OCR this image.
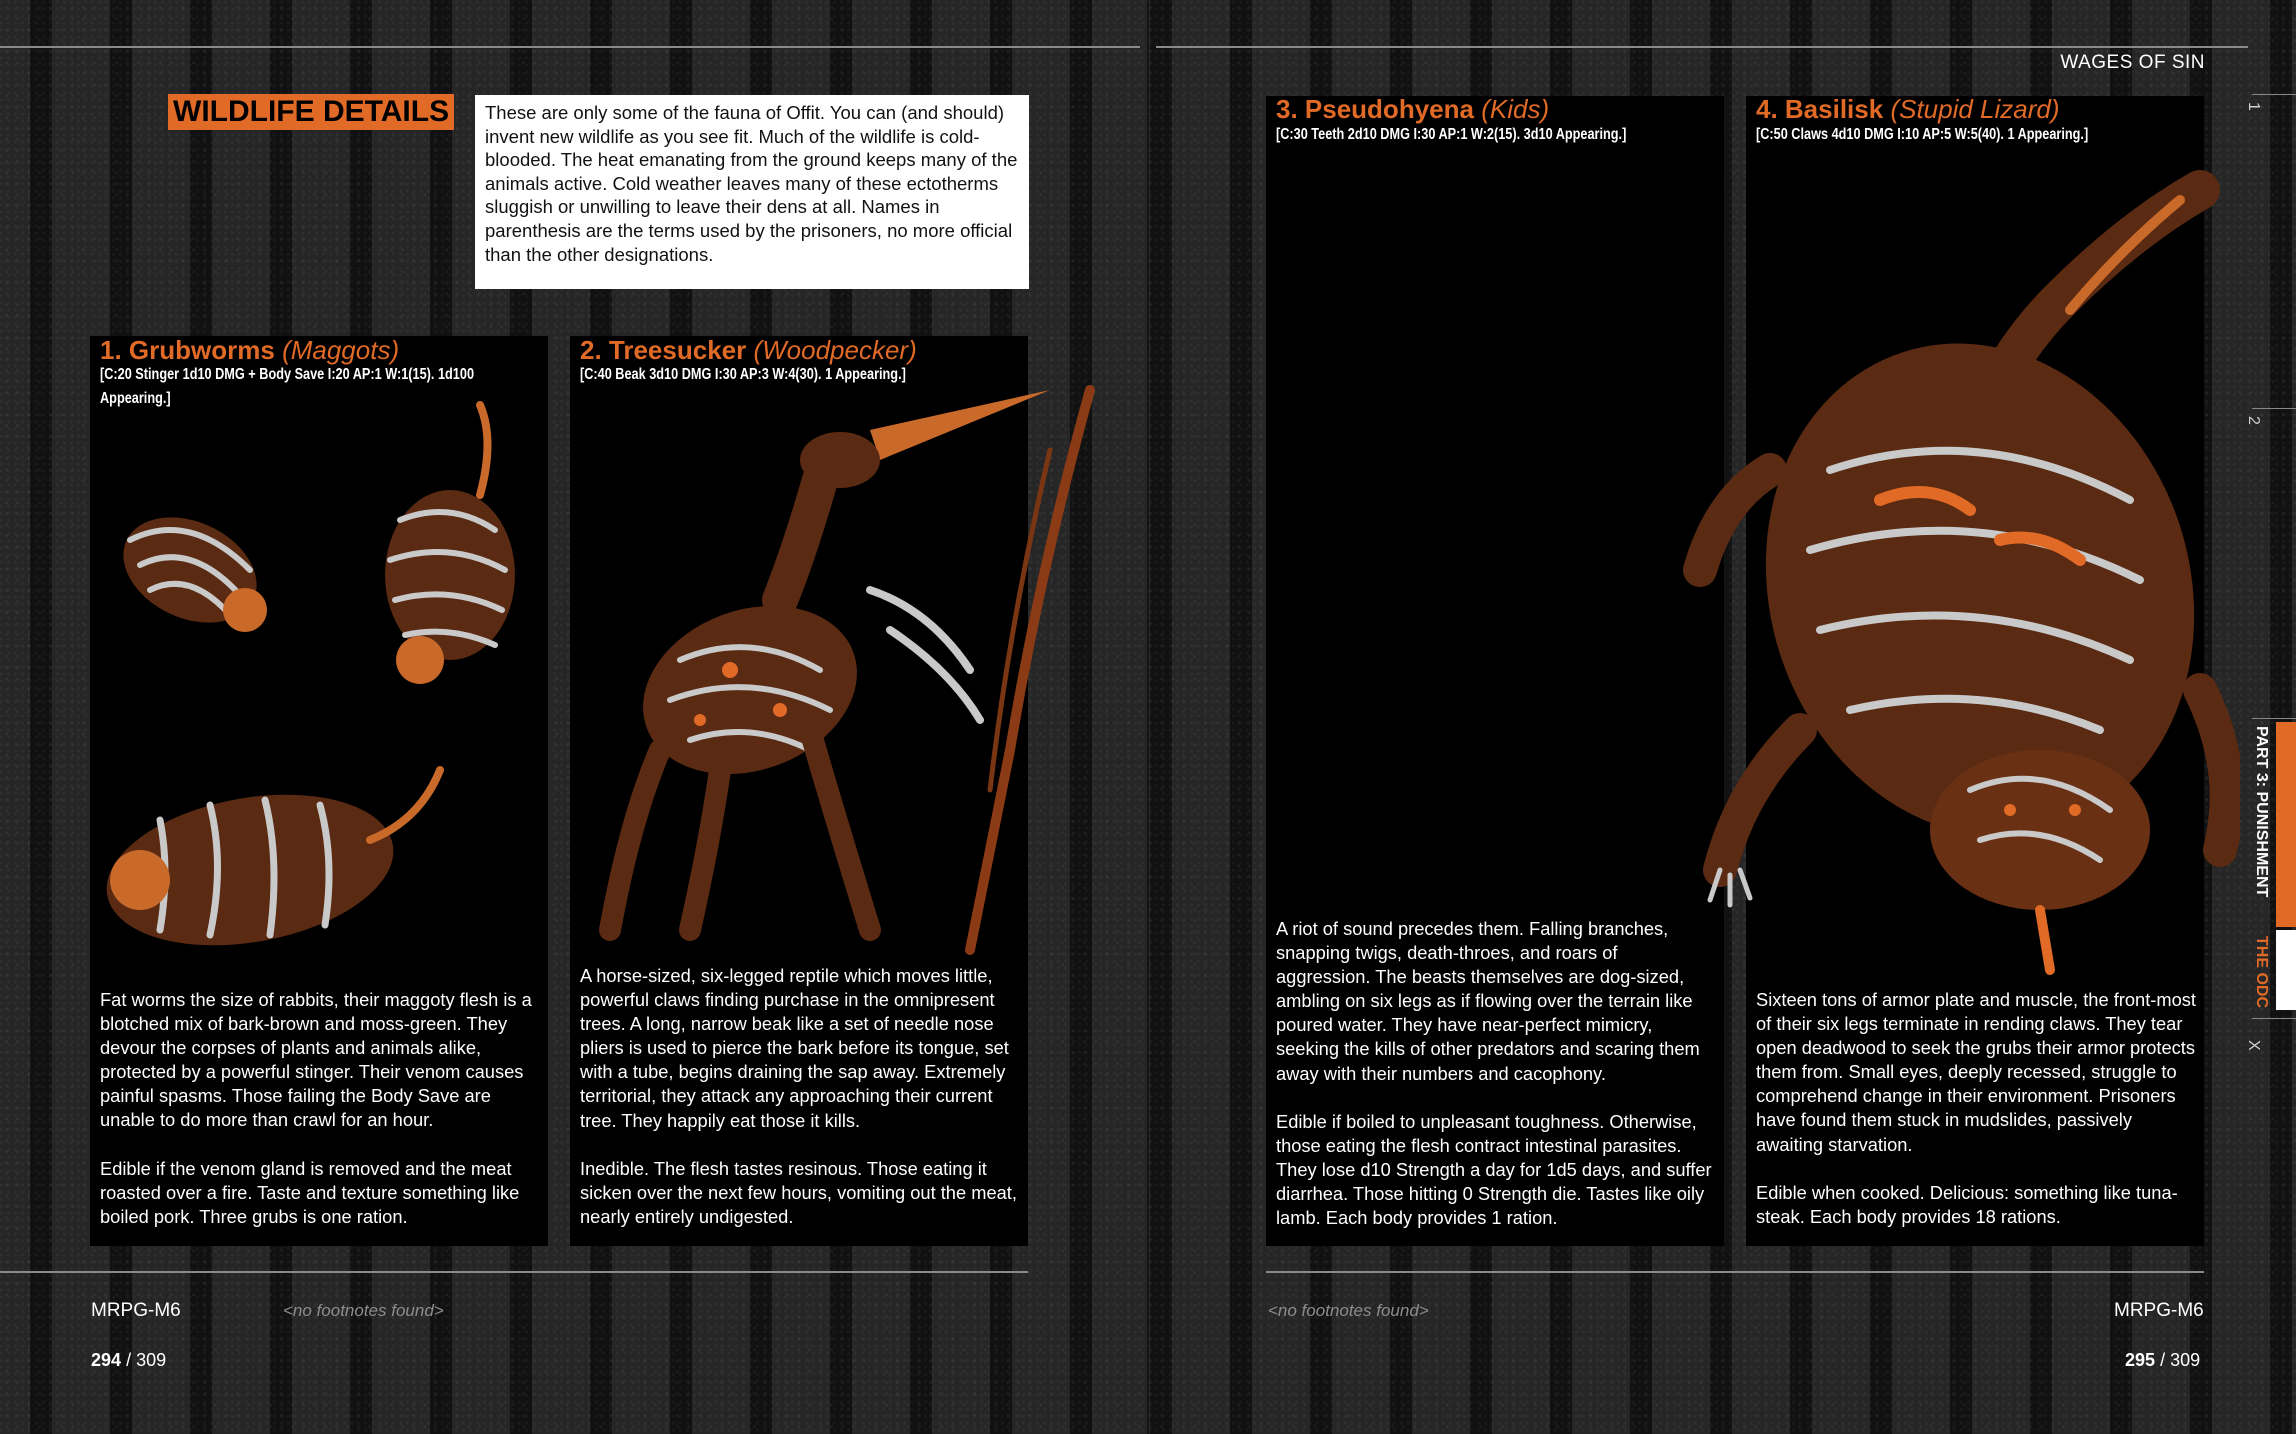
WAGES OF SIN
WILDLIFE DETAILS	These are only some of the fauna of Offit. You can (and should) invent new wildlife as you see fit. Much of the wildlife is cold-blooded. The heat emanating from the ground keeps many of the animals active. Cold weather leaves many of these ectotherms sluggish or unwilling to leave their dens at all. Names in parenthesis are the terms used by the prisoners, no more official than the other designations.
1. Grubworms (Maggots)
[C:20 Stinger 1d10 DMG + Body Save I:20 AP:1 W:1(15). 1d100 Appearing.]

Fat worms the size of rabbits, their maggoty flesh is a blotched mix of bark-brown and moss-green. They devour the corpses of plants and animals alike, protected by a powerful stinger. Their venom causes painful spasms. Those failing the Body Save are unable to do more than crawl for an hour.

Edible if the venom gland is removed and the meat roasted over a fire. Taste and texture something like boiled pork. Three grubs is one ration.

2. Treesucker (Woodpecker)
[C:40 Beak 3d10 DMG I:30 AP:3 W:4(30). 1 Appearing.]

A horse-sized, six-legged reptile which moves little, powerful claws finding purchase in the omnipresent trees. A long, narrow beak like a set of needle nose pliers is used to pierce the bark before its tongue, set with a tube, begins draining the sap away. Extremely territorial, they attack any approaching their current tree. They happily eat those it kills.

Inedible. The flesh tastes resinous. Those eating it sicken over the next few hours, vomiting out the meat, nearly entirely undigested.

3. Pseudohyena (Kids)
[C:30 Teeth 2d10 DMG I:30 AP:1 W:2(15). 3d10 Appearing.]

A riot of sound precedes them. Falling branches, snapping twigs, death-throes, and roars of aggression. The beasts themselves are dog-sized, ambling on six legs as if flowing over the terrain like poured water. They have near-perfect mimicry, seeking the kills of other predators and scaring them away with their numbers and cacophony.

Edible if boiled to unpleasant toughness. Otherwise, those eating the flesh contract intestinal parasites. They lose d10 Strength a day for 1d5 days, and suffer diarrhea. Those hitting 0 Strength die. Tastes like oily lamb. Each body provides 1 ration.

4. Basilisk (Stupid Lizard)
[C:50 Claws 4d10 DMG I:10 AP:5 W:5(40). 1 Appearing.]

Sixteen tons of armor plate and muscle, the front-most of their six legs terminate in rending claws. They tear open deadwood to seek the grubs their armor protects them from. Small eyes, deeply recessed, struggle to comprehend change in their environment. Prisoners have found them stuck in mudslides, passively awaiting starvation.

Edible when cooked. Delicious: something like tuna-steak. Each body provides 18 rations.

MRPG-M6	<no footnotes found>
294 / 309
<no footnotes found>	MRPG-M6
295 / 309
1
2
PART 3: PUNISHMENT
THE ODC
X
